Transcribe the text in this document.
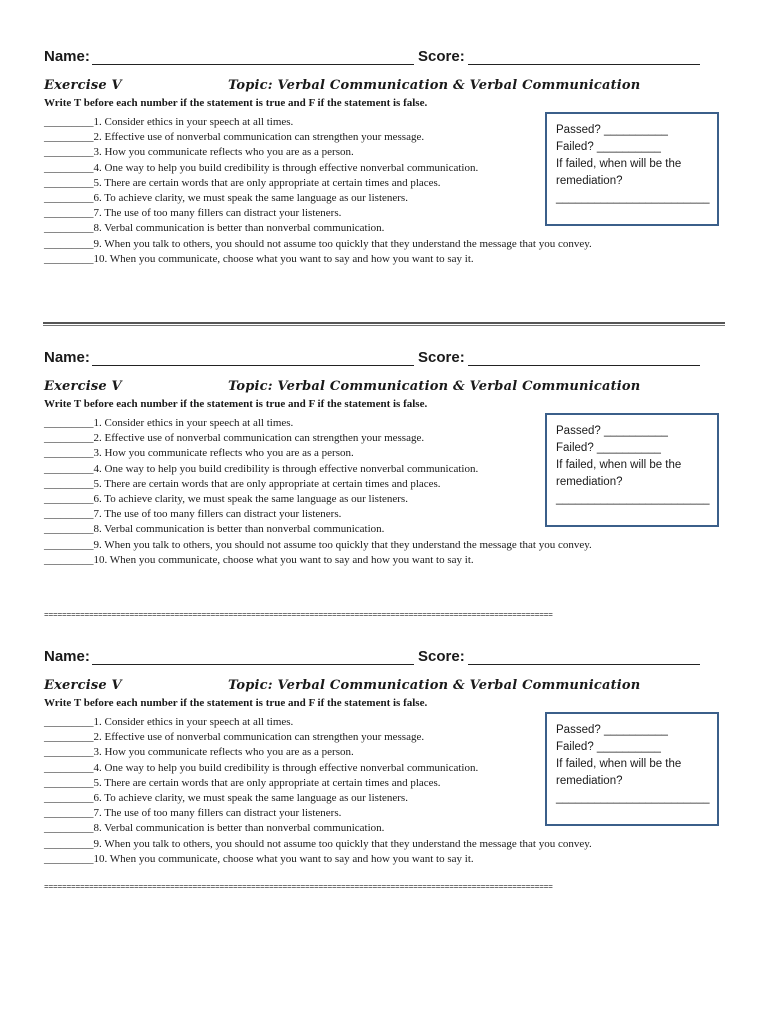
Name:	Score:
Exercise V	Topic: Verbal Communication & Verbal Communication
Write T before each number if the statement is true and F if the statement is false.
_________1. Consider ethics in your speech at all times.
_________2. Effective use of nonverbal communication can strengthen your message.
_________3. How you communicate reflects who you are as a person.
_________4. One way to help you build credibility is through effective nonverbal communication.
_________5. There are certain words that are only appropriate at certain times and places.
_________6. To achieve clarity, we must speak the same language as our listeners.
_________7. The use of too many fillers can distract your listeners.
_________8. Verbal communication is better than nonverbal communication.
_________9. When you talk to others, you should not assume too quickly that they understand the message that you convey.
_________10. When you communicate, choose what you want to say and how you want to say it.
Passed? __________
Failed? __________
If failed, when will be the
remediation?
________________________
Name:	Score:
Exercise V	Topic: Verbal Communication & Verbal Communication
Write T before each number if the statement is true and F if the statement is false.
_________1. Consider ethics in your speech at all times.
_________2. Effective use of nonverbal communication can strengthen your message.
_________3. How you communicate reflects who you are as a person.
_________4. One way to help you build credibility is through effective nonverbal communication.
_________5. There are certain words that are only appropriate at certain times and places.
_________6. To achieve clarity, we must speak the same language as our listeners.
_________7. The use of too many fillers can distract your listeners.
_________8. Verbal communication is better than nonverbal communication.
_________9. When you talk to others, you should not assume too quickly that they understand the message that you convey.
_________10. When you communicate, choose what you want to say and how you want to say it.
Passed? __________
Failed? __________
If failed, when will be the
remediation?
________________________
=================================================================================================================
Name:	Score:
Exercise V	Topic: Verbal Communication & Verbal Communication
Write T before each number if the statement is true and F if the statement is false.
_________1. Consider ethics in your speech at all times.
_________2. Effective use of nonverbal communication can strengthen your message.
_________3. How you communicate reflects who you are as a person.
_________4. One way to help you build credibility is through effective nonverbal communication.
_________5. There are certain words that are only appropriate at certain times and places.
_________6. To achieve clarity, we must speak the same language as our listeners.
_________7. The use of too many fillers can distract your listeners.
_________8. Verbal communication is better than nonverbal communication.
_________9. When you talk to others, you should not assume too quickly that they understand the message that you convey.
_________10. When you communicate, choose what you want to say and how you want to say it.
Passed? __________
Failed? __________
If failed, when will be the
remediation?
________________________
=================================================================================================================
